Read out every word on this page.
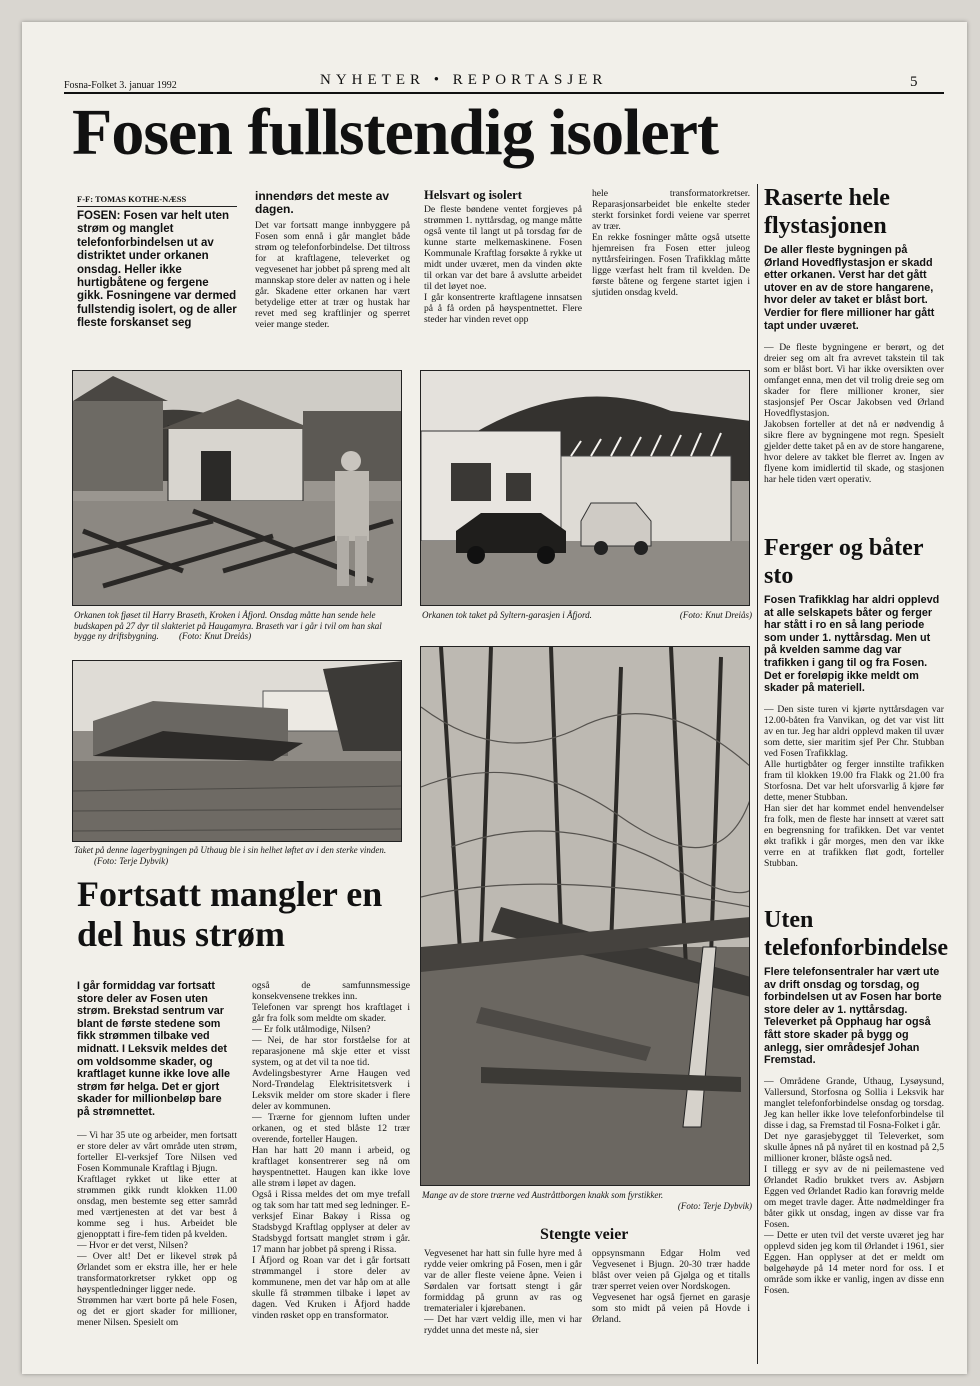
Fosna-Folket 3. januar 1992	NYHETER • REPORTASJER	5
Fosen fullstendig isolert
F-F: TOMAS KOTHE-NÆSS
FOSEN: Fosen var helt uten strøm og manglet telefonforbindelsen ut av distriktet under orkanen onsdag. Heller ikke hurtigbåtene og fergene gikk. Fosningene var dermed fullstendig isolert, og de aller fleste forskanset seg
innendørs det meste av dagen.
Det var fortsatt mange innbyggere på Fosen som ennå i går manglet både strøm og telefonforbindelse. Det tiltross for at kraftlagene, televerket og vegvesenet har jobbet på spreng med alt mannskap store deler av natten og i hele går. Skadene etter orkanen har vært betydelige etter at trær og hustak har revet med seg kraftlinjer og sperret veier mange steder.
Helsvart og isolert
De fleste bøndene ventet forgjeves på strømmen 1. nyttårsdag, og mange måtte også vente til langt ut på torsdag før de kunne starte melkemaskinene. Fosen Kommunale Kraftlag forsøkte å rykke ut midt under uværet, men da vinden økte til orkan var det bare å avslutte arbeidet til det løyet noe.
I går konsentrerte kraftlagene innsatsen på å få orden på høyspentnettet. Flere steder har vinden revet opp
hele transformatorkretser. Reparasjonsarbeidet ble enkelte steder sterkt forsinket fordi veiene var sperret av trær.
En rekke fosninger måtte også utsette hjemreisen fra Fosen etter juleog nyttårsfeiringen. Fosen Trafikklag måtte ligge værfast helt fram til kvelden. De første båtene og fergene startet igjen i sjutiden onsdag kveld.
Raserte hele flystasjonen
De aller fleste bygningen på Ørland Hovedflystasjon er skadd etter orkanen. Verst har det gått utover en av de store hangarene, hvor deler av taket er blåst bort. Verdier for flere millioner har gått tapt under uværet.
— De fleste bygningene er berørt, og det dreier seg om alt fra avrevet takstein til tak som er blåst bort. Vi har ikke oversikten over omfanget enna, men det vil trolig dreie seg om skader for flere millioner kroner, sier stasjonsjef Per Oscar Jakobsen ved Ørland Hovedflystasjon.
Jakobsen forteller at det nå er nødvendig å sikre flere av bygningene mot regn. Spesielt gjelder dette taket på en av de store hangarene, hvor delere av takket ble flerret av. Ingen av flyene kom imidlertid til skade, og stasjonen har hele tiden vært operativ.
Ferger og båter sto
Fosen Trafikklag har aldri opplevd at alle selskapets båter og ferger har stått i ro en så lang periode som under 1. nyttårsdag. Men ut på kvelden samme dag var trafikken i gang til og fra Fosen. Det er foreløpig ikke meldt om skader på materiell.
— Den siste turen vi kjørte nyttårsdagen var 12.00-båten fra Vanvikan, og det var vist litt av en tur. Jeg har aldri opplevd maken til uvær som dette, sier maritim sjef Per Chr. Stubban ved Fosen Trafikklag.
Alle hurtigbåter og ferger innstilte trafikken fram til klokken 19.00 fra Flakk og 21.00 fra Storfosna. Det var helt uforsvarlig å kjøre før dette, mener Stubban.
Han sier det har kommet endel henvendelser fra folk, men de fleste har innsett at været satt en begrensning for trafikken. Det var ventet økt trafikk i går morges, men den var ikke verre en at trafikken fløt godt, forteller Stubban.
Uten telefonforbindelse
Flere telefonsentraler har vært ute av drift onsdag og torsdag, og forbindelsen ut av Fosen har borte store deler av 1. nyttårsdag. Televerket på Opphaug har også fått store skader på bygg og anlegg, sier områdesjef Johan Fremstad.
— Områdene Grande, Uthaug, Lysøysund, Vallersund, Storfosna og Sollia i Leksvik har manglet telefonforbindelse onsdag og torsdag. Jeg kan heller ikke love telefonforbindelse til disse i dag, sa Fremstad til Fosna-Folket i går.
Det nye garasjebygget til Televerket, som skulle åpnes nå på nyåret til en kostnad på 2,5 millioner kroner, blåste også ned.
I tillegg er syv av de ni peilemastene ved Ørlandet Radio brukket tvers av. Asbjørn Eggen ved Ørlandet Radio kan forøvrig melde om meget travle dager. Åtte nødmeldinger fra båter gikk ut onsdag, ingen av disse var fra Fosen.
— Dette er uten tvil det verste uværet jeg har opplevd siden jeg kom til Ørlandet i 1961, sier Eggen. Han opplyser at det er meldt om bølgehøyde på 14 meter nord for oss. I et område som ikke er vanlig, ingen av disse enn Fosen.
Orkanen tok fjøset til Harry Braseth, Kroken i Åfjord. Onsdag måtte han sende hele budskapen på 27 dyr til slakteriet på Haugamyra. Braseth var i går i tvil om han skal bygge ny driftsbygning. (Foto: Knut Dreiås)
Orkanen tok taket på Syltern-garasjen i Åfjord.	(Foto: Knut Dreiås)
Taket på denne lagerbygningen på Uthaug ble i sin helhet løftet av i den sterke vinden. (Foto: Terje Dybvik)
Mange av de store trærne ved Austråttborgen knakk som fyrstikker.
(Foto: Terje Dybvik)
Fortsatt mangler en del hus strøm
I går formiddag var fortsatt store deler av Fosen uten strøm. Brekstad sentrum var blant de første stedene som fikk strømmen tilbake ved midnatt. I Leksvik meldes det om voldsomme skader, og kraftlaget kunne ikke love alle strøm før helga. Det er gjort skader for millionbeløp bare på strømnettet.
— Vi har 35 ute og arbeider, men fortsatt er store deler av vårt område uten strøm, forteller El-verksjef Tore Nilsen ved Fosen Kommunale Kraftlag i Bjugn.
Kraftlaget rykket ut like etter at strømmen gikk rundt klokken 11.00 onsdag, men bestemte seg etter samråd med værtjenesten at det var best å komme seg i hus. Arbeidet ble gjenopptatt i fire-fem tiden på kvelden.
— Hvor er det verst, Nilsen?
— Over alt! Det er likevel strøk på Ørlandet som er ekstra ille, her er hele transformatorkretser rykket opp og høyspentledninger ligger nede.
Strømmen har vært borte på hele Fosen, og det er gjort skader for millioner, mener Nilsen. Spesielt om
også de samfunnsmessige konsekvensene trekkes inn.
Telefonen var sprengt hos kraftlaget i går fra folk som meldte om skader.
— Er folk utålmodige, Nilsen?
— Nei, de har stor forståelse for at reparasjonene må skje etter et visst system, og at det vil ta noe tid.
Avdelingsbestyrer Arne Haugen ved Nord-Trøndelag Elektrisitetsverk i Leksvik melder om store skader i flere deler av kommunen.
— Trærne for gjennom luften under orkanen, og et sted blåste 12 trær overende, forteller Haugen.
Han har hatt 20 mann i arbeid, og kraftlaget konsentrerer seg nå om høyspentnettet. Haugen kan ikke love alle strøm i løpet av dagen.
Også i Rissa meldes det om mye trefall og tak som har tatt med seg ledninger. E-verksjef Einar Bakøy i Rissa og Stadsbygd Kraftlag opplyser at deler av Stadsbygd fortsatt manglet strøm i går. 17 mann har jobbet på spreng i Rissa.
I Åfjord og Roan var det i går fortsatt strømmangel i store deler av kommunene, men det var håp om at alle skulle få strømmen tilbake i løpet av dagen. Ved Kruken i Åfjord hadde vinden røsket opp en transformator.
Stengte veier
Vegvesenet har hatt sin fulle hyre med å rydde veier omkring på Fosen, men i går var de aller fleste veiene åpne. Veien i Sørdalen var fortsatt stengt i går formiddag på grunn av ras og trematerialer i kjørebanen.
— Det har vært veldig ille, men vi har ryddet unna det meste nå, sier
oppsynsmann Edgar Holm ved Vegvesenet i Bjugn. 20-30 trær hadde blåst over veien på Gjølga og et titalls trær sperret veien over Nordskogen.
Vegvesenet har også fjernet en garasje som sto midt på veien på Hovde i Ørland.
